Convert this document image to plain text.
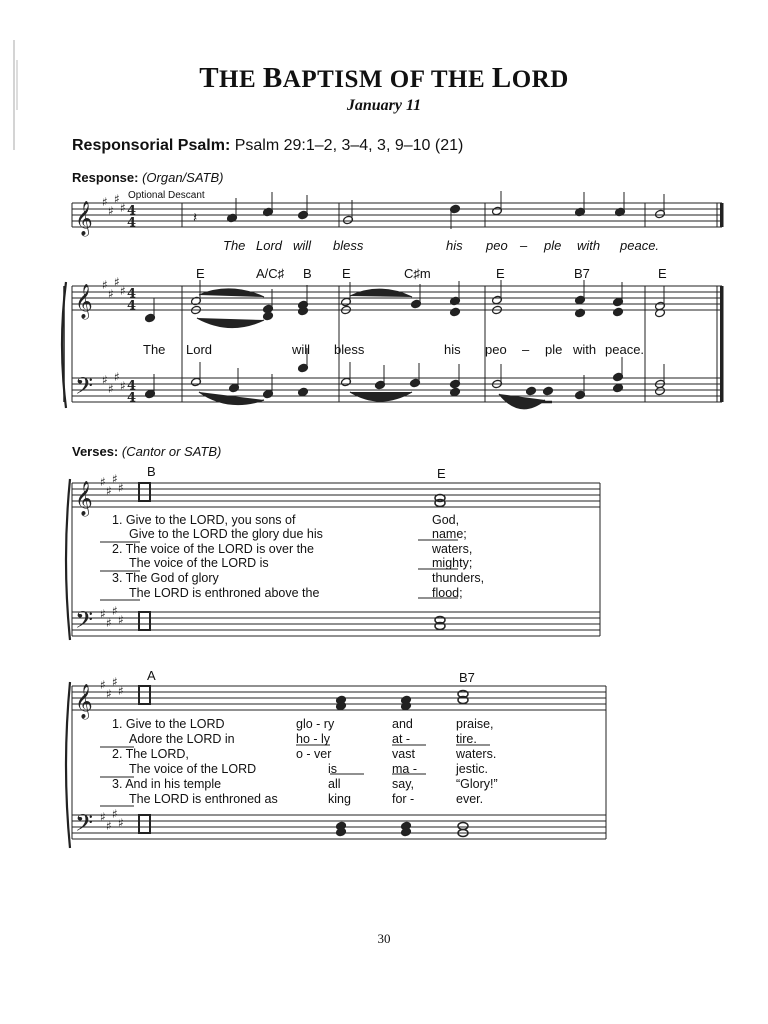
THE BAPTISM OF THE LORD
January 11
Responsorial Psalm: Psalm 29:1–2, 3–4, 3, 9–10 (21)
Response: (Organ/SATB)
Optional Descant
𝄞 ♯
♯
♯
♯ 4
4	𝄽
𝄞 ♯
♯
♯
♯ 4
4
𝄢 ♯
♯
♯
♯ 4
4
𝄞 ♯
♯
♯
♯
𝄢 ♯
♯
♯
♯
𝄞 ♯
♯
♯
♯
𝄢 ♯
♯
♯
♯
Verses: (Cantor or SATB)
B	E
A	B7
30
The Lord will bless	his peo – ple with peace.
E	A/C♯ B E	C♯m	E	B7	E
The Lord	will bless	his peo – ple with peace.
1. Give to the LORD, you sons of	God,
Give to the LORD the glory due his	name;
2. The voice of the LORD is over the	waters,
The voice of the LORD is	mighty;
3. The God of glory	thunders,
The LORD is enthroned above the	flood;
1. Give to the LORD	glo - ry	and	praise,
Adore the LORD in	ho - ly	at -	tire.
2. The LORD,	o - ver	vast	waters.
The voice of the LORD	is	ma -	jestic.
3. And in his temple	all	say,	“Glory!”
The LORD is enthroned as	king	for -	ever.
